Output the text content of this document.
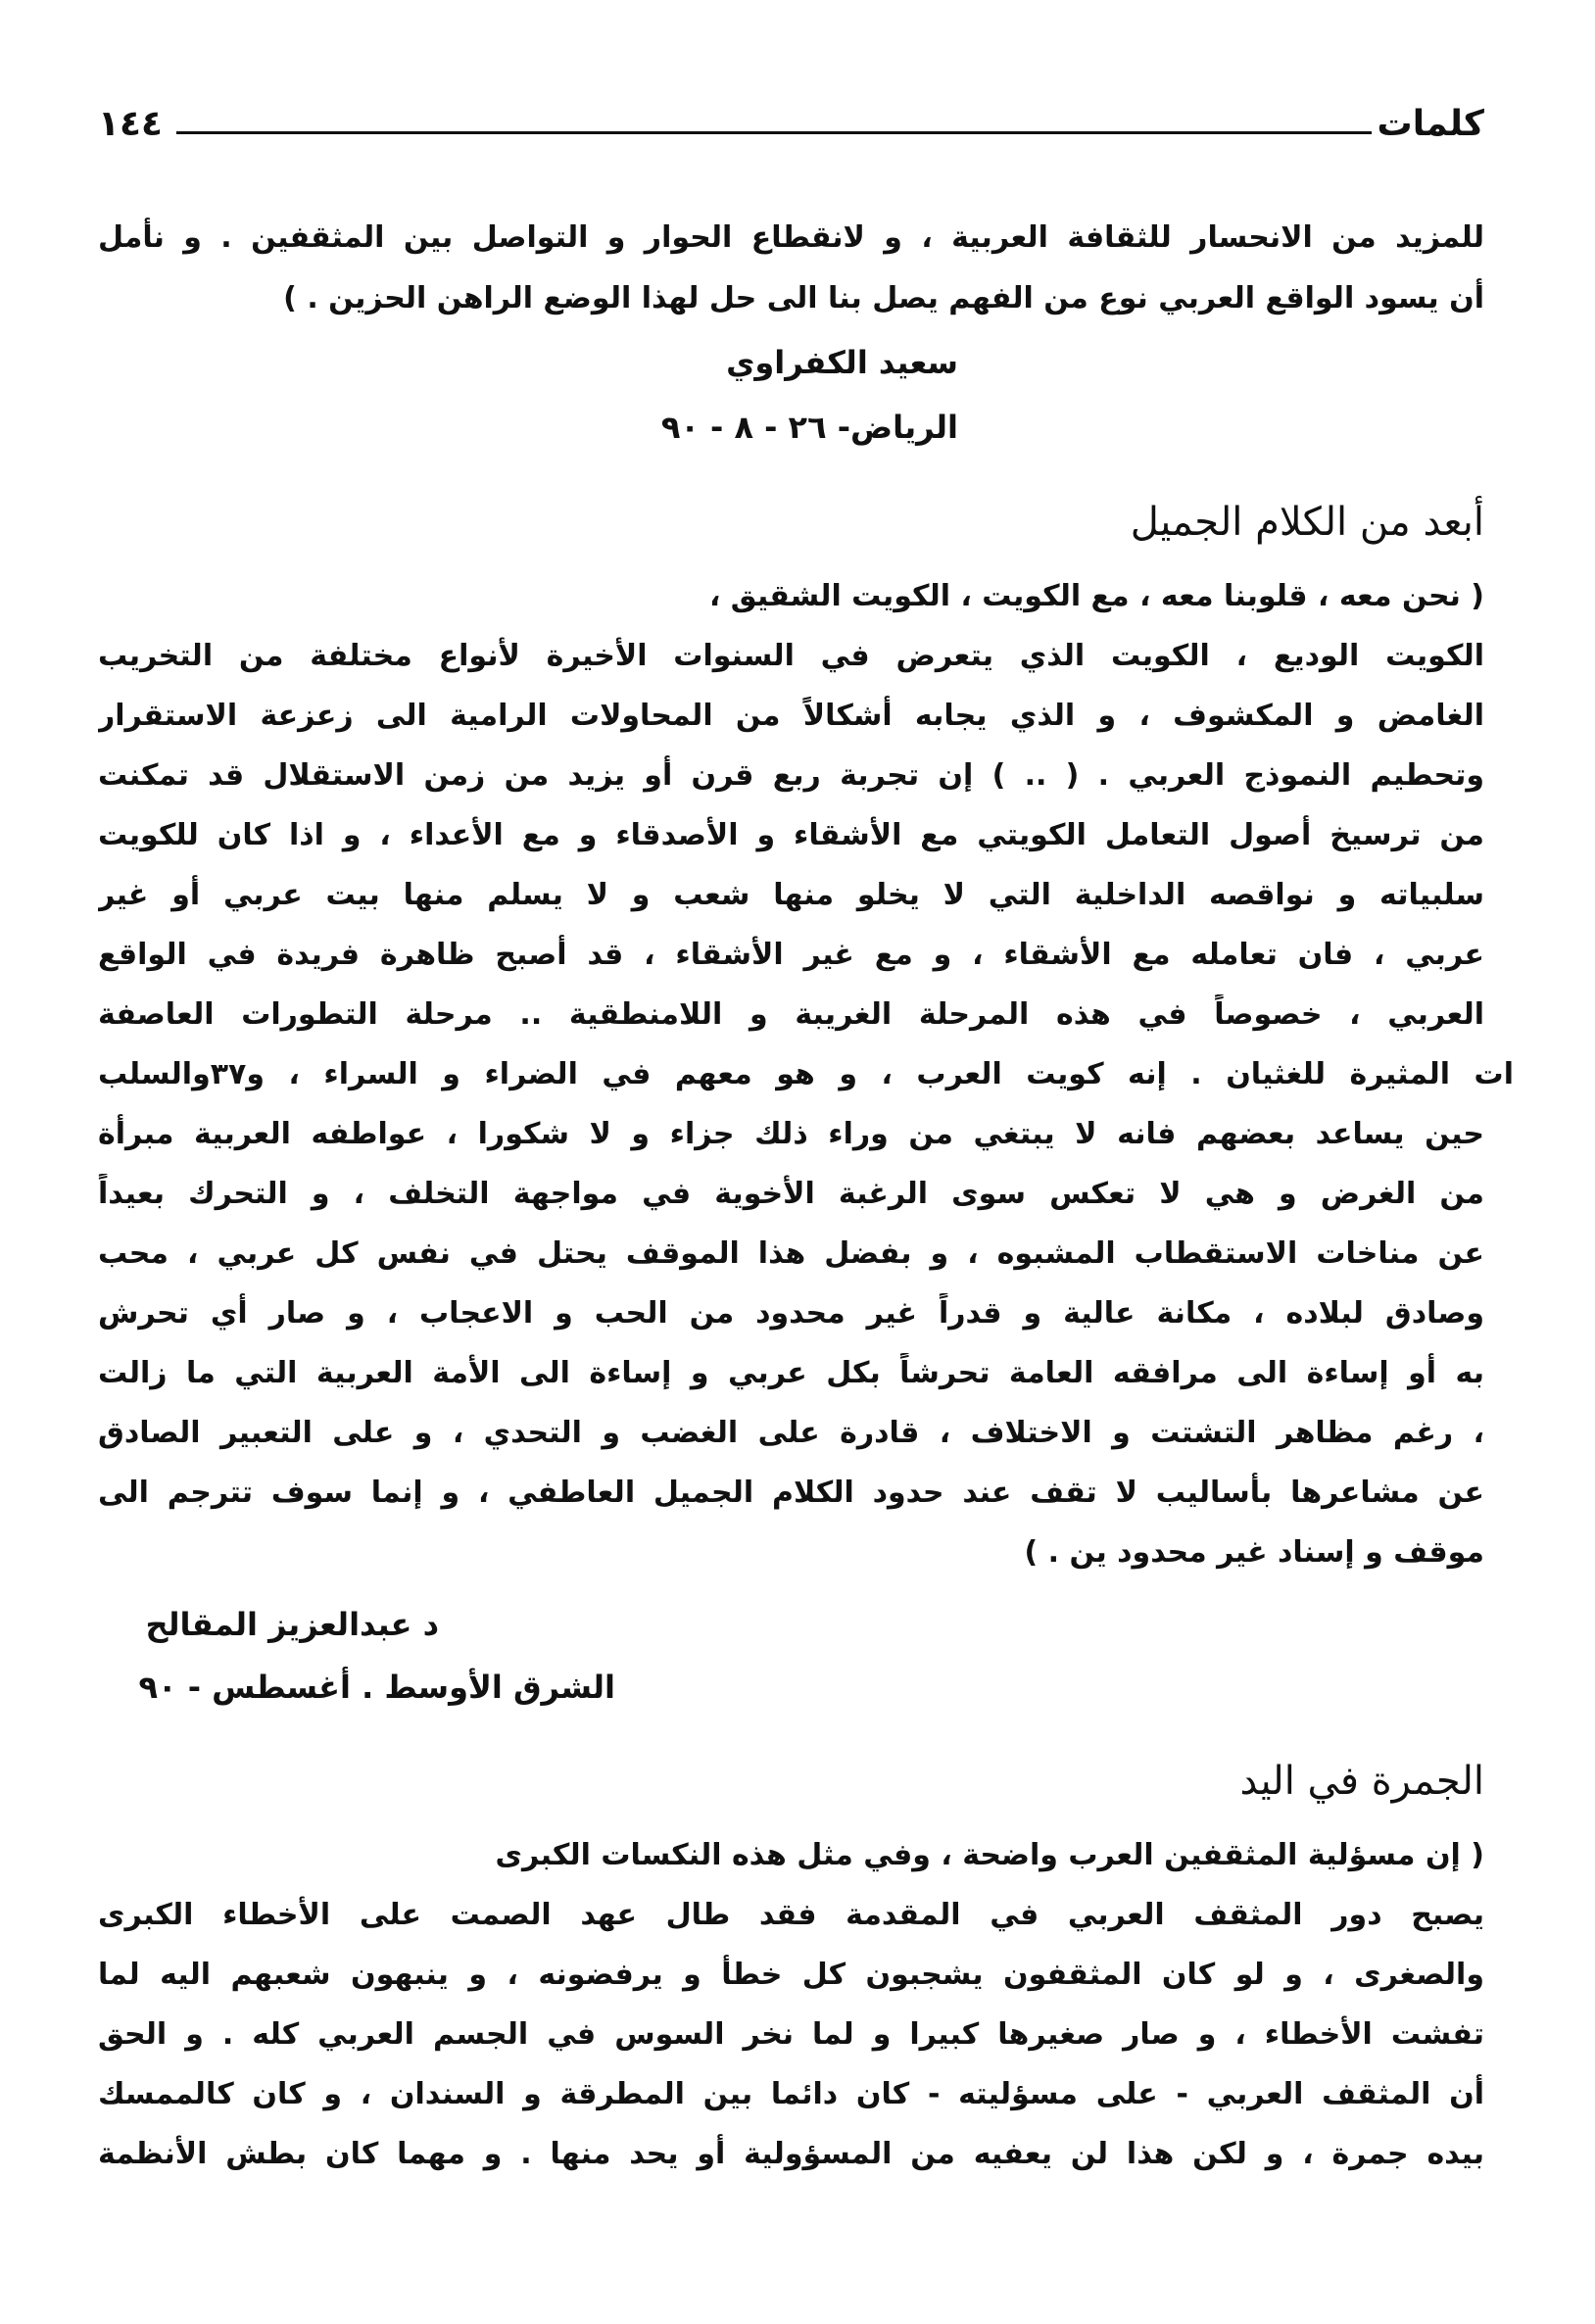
١٤٤	كلمات
للمزيد من الانحسار للثقافة العربية ، و لانقطاع الحوار و التواصل بين المثقفين . و نأمل
أن يسود الواقع العربي نوع من الفهم يصل بنا الى حل لهذا الوضع الراهن الحزين . )
سعيد الكفراوي
الرياض- ٢٦ - ٨ - ٩٠
أبعد من الكلام الجميل
( نحن معه ، قلوبنا معه ، مع الكويت ، الكويت الشقيق ،
الكويت الوديع ، الكويت الذي يتعرض في السنوات الأخيرة لأنواع مختلفة من التخريب
الغامض و المكشوف ، و الذي يجابه أشكالاً من المحاولات الرامية الى زعزعة الاستقرار
وتحطيم النموذج العربي . ( .. ) إن تجربة ربع قرن أو يزيد من زمن الاستقلال قد تمكنت
من ترسيخ أصول التعامل الكويتي مع الأشقاء و الأصدقاء و مع الأعداء ، و اذا كان للكويت
سلبياته و نواقصه الداخلية التي لا يخلو منها شعب و لا يسلم منها بيت عربي أو غير
عربي ، فان تعامله مع الأشقاء ، و مع غير الأشقاء ، قد أصبح ظاهرة فريدة في الواقع
العربي ، خصوصاً في هذه المرحلة الغريبة و اللامنطقية .. مرحلة التطورات العاصفة
ات المثيرة للغثيان . إنه كويت العرب ، و هو معهم في الضراء و السراء ، و٣٧والسلب
حين يساعد بعضهم فانه لا يبتغي من وراء ذلك جزاء و لا شكورا ، عواطفه العربية مبرأة
من الغرض و هي لا تعكس سوى الرغبة الأخوية في مواجهة التخلف ، و التحرك بعيداً
عن مناخات الاستقطاب المشبوه ، و بفضل هذا الموقف يحتل في نفس كل عربي ، محب
وصادق لبلاده ، مكانة عالية و قدراً غير محدود من الحب و الاعجاب ، و صار أي تحرش
به أو إساءة الى مرافقه العامة تحرشاً بكل عربي و إساءة الى الأمة العربية التي ما زالت
، رغم مظاهر التشتت و الاختلاف ، قادرة على الغضب و التحدي ، و على التعبير الصادق
عن مشاعرها بأساليب لا تقف عند حدود الكلام الجميل العاطفي ، و إنما سوف تترجم الى
موقف و إسناد غير محدود ين . )
د عبدالعزيز المقالح
الشرق الأوسط . أغسطس - ٩٠
الجمرة في اليد
( إن مسؤلية المثقفين العرب واضحة ، وفي مثل هذه النكسات الكبرى
يصبح دور المثقف العربي في المقدمة فقد طال عهد الصمت على الأخطاء الكبرى
والصغرى ، و لو كان المثقفون يشجبون كل خطأ و يرفضونه ، و ينبهون شعبهم اليه لما
تفشت الأخطاء ، و صار صغيرها كبيرا و لما نخر السوس في الجسم العربي كله . و الحق
أن المثقف العربي - على مسؤليته - كان دائما بين المطرقة و السندان ، و كان كالممسك
بيده جمرة ، و لكن هذا لن يعفيه من المسؤولية أو يحد منها . و مهما كان بطش الأنظمة
